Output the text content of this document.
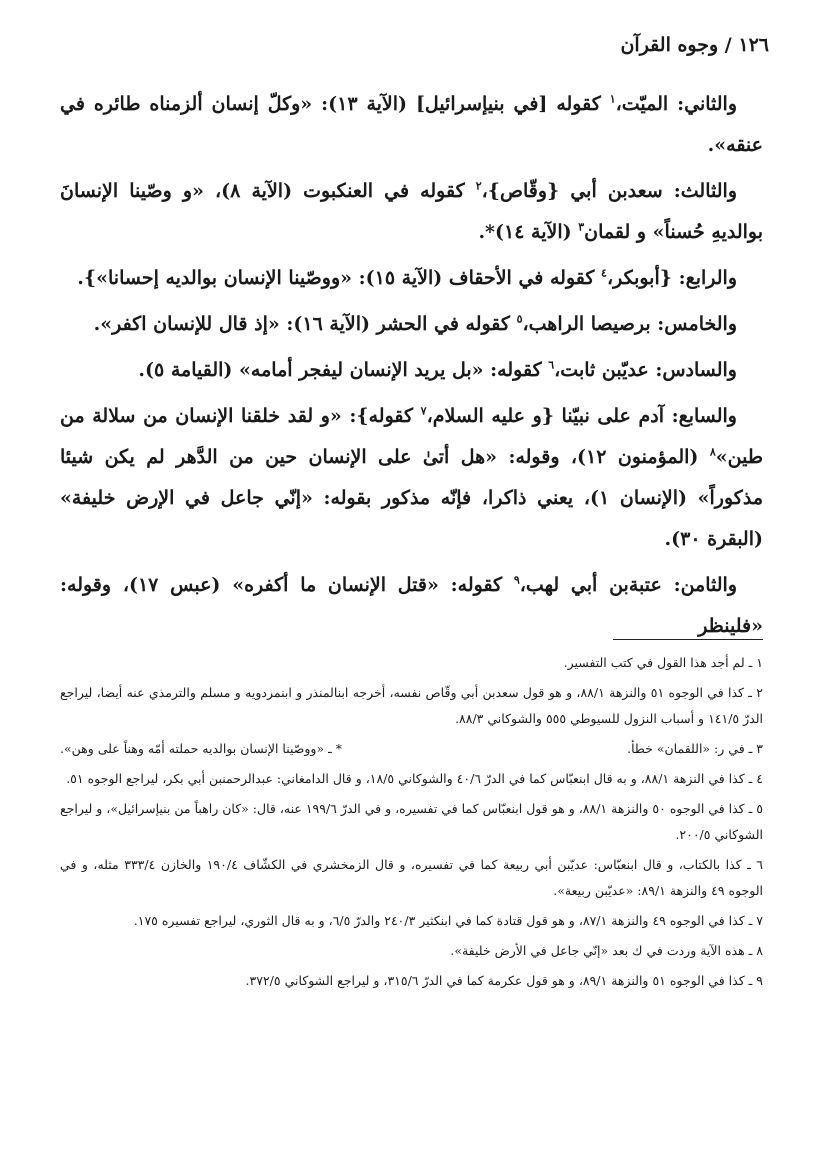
١٢٦ / وجوه القرآن

والثاني: الميّت،$^١$ كقوله [في بنيإسرائيل] (الآية ١٣): «وكلّ إنسان ألزمناه طائره في عنقه».

والثالث: سعدبن أبي {وقّاص}،$^٢$ كقوله في العنكبوت (الآية ٨)، «و وصّينا الإنسانَ بوالديهِ حُسناً» و لقمان$^٣$ (الآية ١٤)*.

والرابع: {أبوبكر،$^٤$ كقوله في الأحقاف (الآية ١٥): «ووصّينا الإنسان بوالديه إحسانا»}.

والخامس: برصيصا الراهب،$^٥$ كقوله في الحشر (الآية ١٦): «إذ قال للإنسان اكفر».

والسادس: عديّبن ثابت،$^٦$ كقوله: «بل يريد الإنسان ليفجر أمامه» (القيامة ٥).

والسابع: آدم على نبيّنا {و عليه السلام،$^٧$ كقوله}: «و لقد خلقنا الإنسان من سلالة من طين»$^٨$ (المؤمنون ١٢)، وقوله: «هل أتىٰ على الإنسان حين من الدَّهر لم يكن شيئا مذكوراً» (الإنسان ١)، يعني ذاكرا، فإنّه مذكور بقوله: «إنّي جاعل في الإرض خليفة» (البقرة ٣٠).

والثامن: عتبةبن أبي لهب،$^٩$ كقوله: «قتل الإنسان ما أكفره» (عبس ١٧)، وقوله: «فلينظر

١ ـ لم أجد هذا القول في كتب التفسير.
٢ ـ كذا في الوجوه ٥١ والنزهة ٨٨/١، و هو قول سعدبن أبي وقّاص نفسه، أخرجه ابنالمنذر و ابنمردويه و مسلم والترمذي عنه أيضا، ليراجع الدرّ ١٤١/٥ و أسباب النزول للسيوطي ٥٥٥ والشوكاني ٨٨/٣.
٣ ـ في ر: «اللقمان» خطأ.
* ـ «ووصّينا الإنسان بوالديه حملته أمّه وهناً على وهن».
٤ ـ كذا في النزهة ٨٨/١، و به قال ابنعبّاس كما في الدرّ ٤٠/٦ والشوكاني ١٨/٥، و قال الدامغاني: عبدالرحمنبن أبي بكر، ليراجع الوجوه ٥١.
٥ ـ كذا في الوجوه ٥٠ والنزهة ٨٨/١، و هو قول ابنعبّاس كما في تفسيره، و في الدرّ ١٩٩/٦ عنه، قال: «كان راهباً من بنيإسرائيل»، و ليراجع الشوكاني ٢٠٠/٥.
٦ ـ كذا بالكتاب، و قال ابنعبّاس: عديّبن أبي ربيعة كما في تفسيره، و قال الزمخشري في الكشّاف ١٩٠/٤ والخازن ٣٣٣/٤ مثله، و في الوجوه ٤٩ والنزهة ٨٩/١: «عديّبن ربيعة».
٧ ـ كذا في الوجوه ٤٩ والنزهة ٨٧/١، و هو قول قتادة كما في ابنكثير ٢٤٠/٣ والدرّ ٦/٥، و به قال الثوري، ليراجع تفسيره ١٧٥.
٨ ـ هذه الآية وردت في ك بعد «إنّي جاعل في الأرض خليفة».
٩ ـ كذا في الوجوه ٥١ والنزهة ٨٩/١، و هو قول عكرمة كما في الدرّ ٣١٥/٦، و ليراجع الشوكاني ٣٧٢/٥.
